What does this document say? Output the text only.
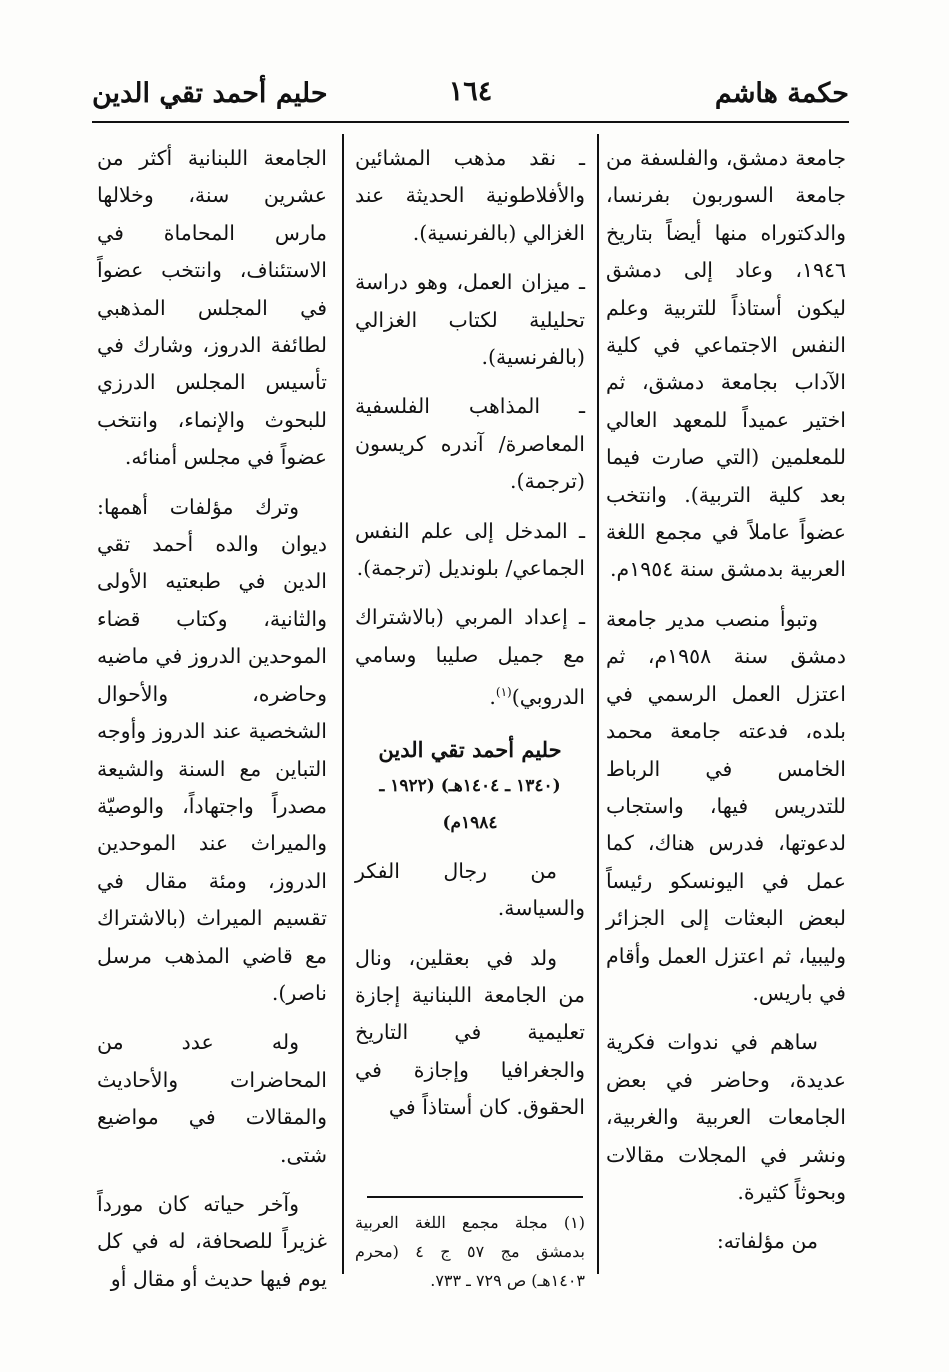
حكمة هاشم
١٦٤
حليم أحمد تقي الدين

جامعة دمشق، والفلسفة من جامعة السوربون بفرنسا، والدكتوراه منها أيضاً بتاريخ ١٩٤٦، وعاد إلى دمشق ليكون أستاذاً للتربية وعلم النفس الاجتماعي في كلية الآداب بجامعة دمشق، ثم اختير عميداً للمعهد العالي للمعلمين (التي صارت فيما بعد كلية التربية). وانتخب عضواً عاملاً في مجمع اللغة العربية بدمشق سنة ١٩٥٤م.

وتبوأ منصب مدير جامعة دمشق سنة ١٩٥٨م، ثم اعتزل العمل الرسمي في بلده، فدعته جامعة محمد الخامس في الرباط للتدريس فيها، واستجاب لدعوتها، فدرس هناك، كما عمل في اليونسكو رئيساً لبعض البعثات إلى الجزائر وليبيا، ثم اعتزل العمل وأقام في باريس.

ساهم في ندوات فكرية عديدة، وحاضر في بعض الجامعات العربية والغربية، ونشر في المجلات مقالات وبحوثاً كثيرة.

من مؤلفاته:

ـ نقد مذهب المشائين والأفلاطونية الحديثة عند الغزالي (بالفرنسية).

ـ ميزان العمل، وهو دراسة تحليلية لكتاب الغزالي (بالفرنسية).

ـ المذاهب الفلسفية المعاصرة/ آندره كريسون (ترجمة).

ـ المدخل إلى علم النفس الجماعي/ بلونديل (ترجمة).

ـ إعداد المربي (بالاشتراك مع جميل صليبا وسامي الدروبي)$^{(١)}$.

حليم أحمد تقي الدين

(١٣٤٠ ـ ١٤٠٤هـ) (١٩٢٢ ـ ١٩٨٤م)

من رجال الفكر والسياسة.

ولد في بعقلين، ونال من الجامعة اللبنانية إجازة تعليمية في التاريخ والجغرافيا وإجازة في الحقوق. كان أستاذاً في

الجامعة اللبنانية أكثر من عشرين سنة، وخلالها مارس المحاماة في الاستئناف، وانتخب عضواً في المجلس المذهبي لطائفة الدروز، وشارك في تأسيس المجلس الدرزي للبحوث والإنماء، وانتخب عضواً في مجلس أمنائه.

وترك مؤلفات أهمها: ديوان والده أحمد تقي الدين في طبعتيه الأولى والثانية، وكتاب قضاء الموحدين الدروز في ماضيه وحاضره، والأحوال الشخصية عند الدروز وأوجه التباين مع السنة والشيعة مصدراً واجتهاداً، والوصيّة والميراث عند الموحدين الدروز، ومئة مقال في تقسيم الميراث (بالاشتراك مع قاضي المذهب مرسل ناصر).

وله عدد من المحاضرات والأحاديث والمقالات في مواضيع شتى.

وآخر حياته كان مورداً غزيراً للصحافة، له في كل يوم فيها حديث أو مقال أو

(١) مجلة مجمع اللغة العربية بدمشق مج ٥٧ ج ٤ (محرم ١٤٠٣هـ) ص ٧٢٩ ـ ٧٣٣.
